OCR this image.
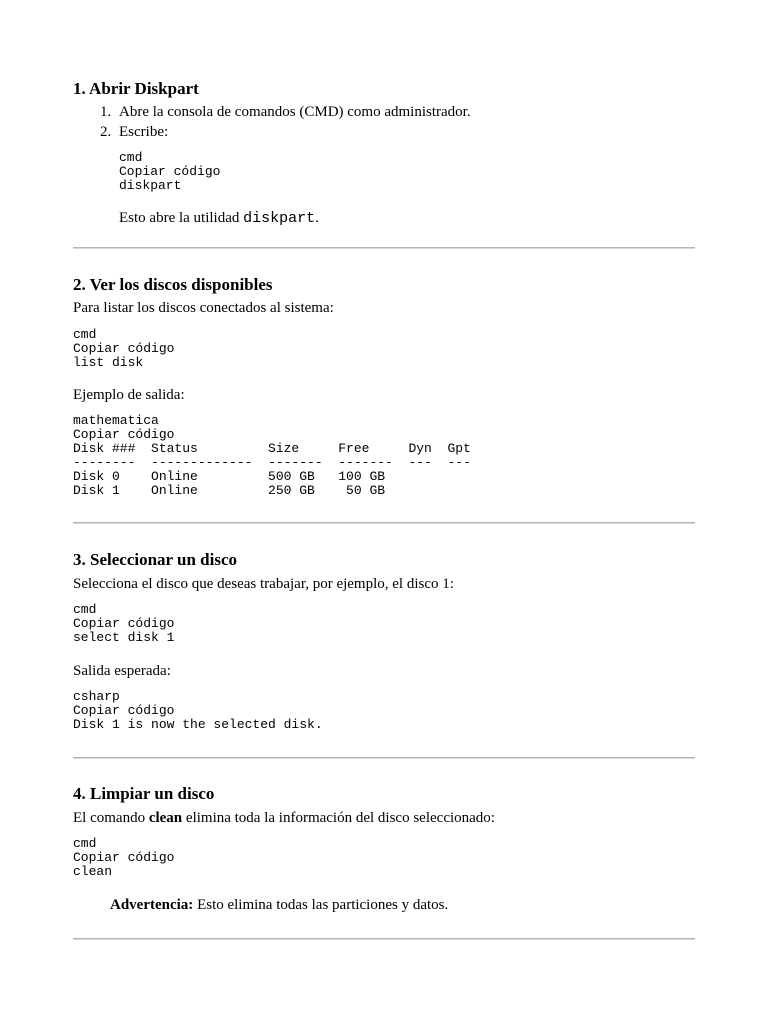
1. Abrir Diskpart
1. Abre la consola de comandos (CMD) como administrador.
2. Escribe:
cmd
Copiar código
diskpart

Esto abre la utilidad diskpart.

2. Ver los discos disponibles

Para listar los discos conectados al sistema:

cmd
Copiar código
list disk

Ejemplo de salida:

mathematica
Copiar código
Disk ###  Status         Size     Free     Dyn  Gpt
--------  -------------  -------  -------  ---  ---
Disk 0    Online         500 GB   100 GB
Disk 1    Online         250 GB    50 GB
3. Seleccionar un disco

Selecciona el disco que deseas trabajar, por ejemplo, el disco 1:

cmd
Copiar código
select disk 1

Salida esperada:

csharp
Copiar código
Disk 1 is now the selected disk.
4. Limpiar un disco

El comando clean elimina toda la información del disco seleccionado:

cmd
Copiar código
clean

Advertencia: Esto elimina todas las particiones y datos.
